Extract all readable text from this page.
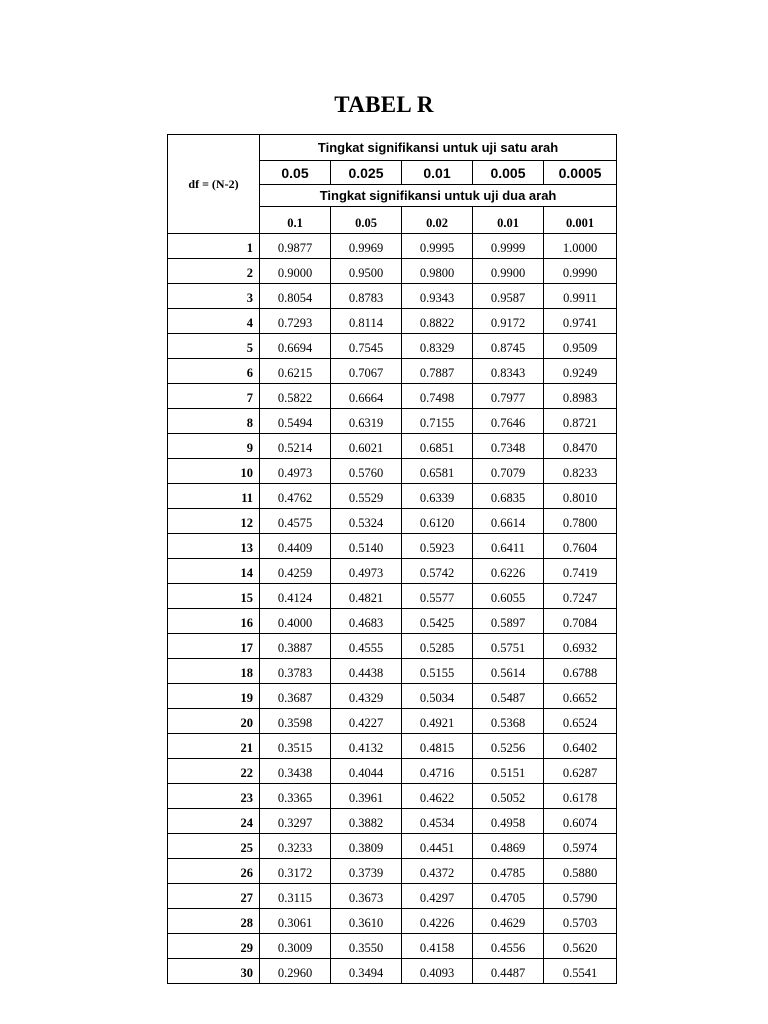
TABEL R
df = (N-2)	Tingkat signifikansi untuk uji satu arah				
	0.05	0.025	0.01	0.005	0.0005
	Tingkat signifikansi untuk uji dua arah				
	0.1	0.05	0.02	0.01	0.001
1	0.9877	0.9969	0.9995	0.9999	1.0000
2	0.9000	0.9500	0.9800	0.9900	0.9990
3	0.8054	0.8783	0.9343	0.9587	0.9911
4	0.7293	0.8114	0.8822	0.9172	0.9741
5	0.6694	0.7545	0.8329	0.8745	0.9509
6	0.6215	0.7067	0.7887	0.8343	0.9249
7	0.5822	0.6664	0.7498	0.7977	0.8983
8	0.5494	0.6319	0.7155	0.7646	0.8721
9	0.5214	0.6021	0.6851	0.7348	0.8470
10	0.4973	0.5760	0.6581	0.7079	0.8233
11	0.4762	0.5529	0.6339	0.6835	0.8010
12	0.4575	0.5324	0.6120	0.6614	0.7800
13	0.4409	0.5140	0.5923	0.6411	0.7604
14	0.4259	0.4973	0.5742	0.6226	0.7419
15	0.4124	0.4821	0.5577	0.6055	0.7247
16	0.4000	0.4683	0.5425	0.5897	0.7084
17	0.3887	0.4555	0.5285	0.5751	0.6932
18	0.3783	0.4438	0.5155	0.5614	0.6788
19	0.3687	0.4329	0.5034	0.5487	0.6652
20	0.3598	0.4227	0.4921	0.5368	0.6524
21	0.3515	0.4132	0.4815	0.5256	0.6402
22	0.3438	0.4044	0.4716	0.5151	0.6287
23	0.3365	0.3961	0.4622	0.5052	0.6178
24	0.3297	0.3882	0.4534	0.4958	0.6074
25	0.3233	0.3809	0.4451	0.4869	0.5974
26	0.3172	0.3739	0.4372	0.4785	0.5880
27	0.3115	0.3673	0.4297	0.4705	0.5790
28	0.3061	0.3610	0.4226	0.4629	0.5703
29	0.3009	0.3550	0.4158	0.4556	0.5620
30	0.2960	0.3494	0.4093	0.4487	0.5541
